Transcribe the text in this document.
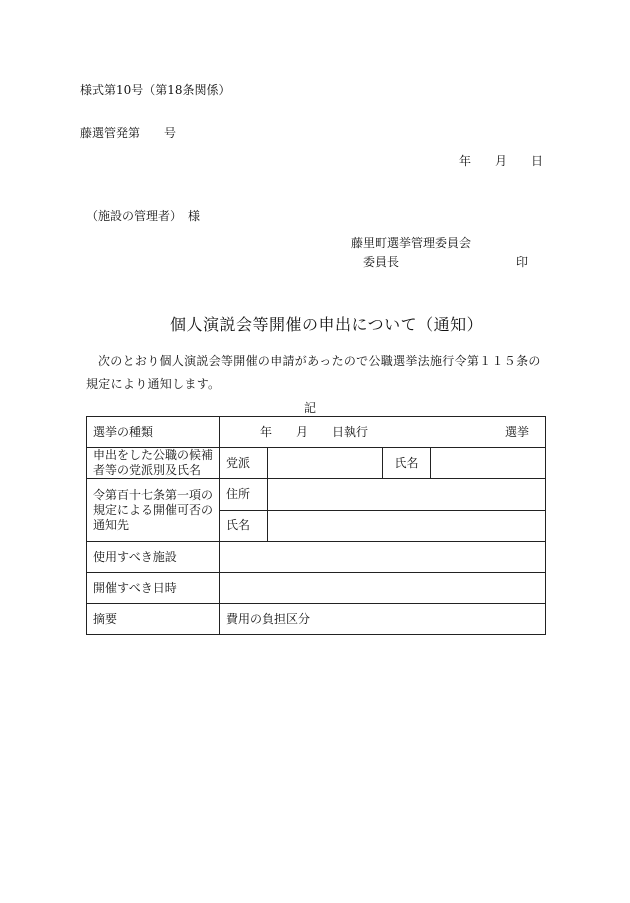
様式第10号（第18条関係）
藤選管発第　　号
年　　月　　日
（施設の管理者）　様
藤里町選挙管理委員会
委員長	印
個人演説会等開催の申出について（通知）
次のとおり個人演説会等開催の申請があったので公職選挙法施行令第１１５条の規定により通知します。
記
選挙の種類	年　　月　　日執行 選挙			

申出をした公職の候補者等の党派別及氏名	党派		氏名	
令第百十七条第一項の規定による開催可否の通知先	住所			
	氏名			
使用すべき施設				
開催すべき日時				
摘要	費用の負担区分			
